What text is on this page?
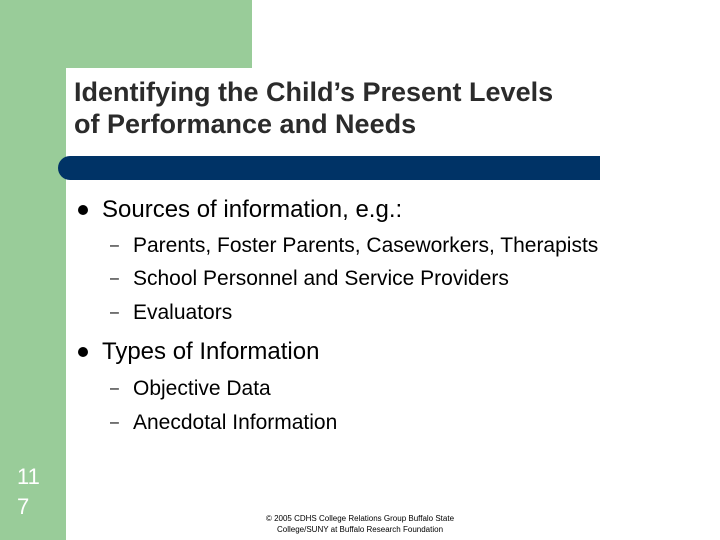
Identifying the Child’s Present Levels
of Performance and Needs
Sources of information, e.g.:
– Parents, Foster Parents, Caseworkers, Therapists
– School Personnel and Service Providers
– Evaluators
Types of Information
– Objective Data
– Anecdotal Information
11
7	© 2005 CDHS College Relations Group Buffalo State
College/SUNY at Buffalo Research Foundation
